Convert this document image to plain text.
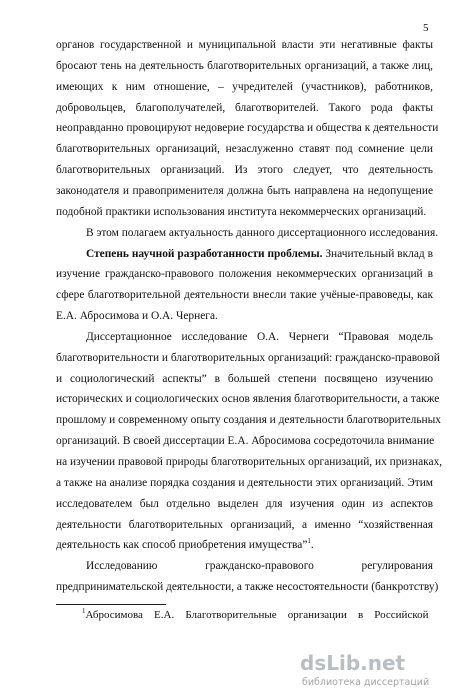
5
органов государственной и муниципальной власти эти негативные факты
бросают тень на деятельность благотворительных организаций, а также лиц,
имеющих к ним отношение, – учредителей (участников), работников,
добровольцев, благополучателей, благотворителей. Такого рода факты
неоправданно провоцируют недоверие государства и общества к деятельности
благотворительных организаций, незаслуженно ставят под сомнение цели
благотворительных организаций. Из этого следует, что деятельность
законодателя и правоприменителя должна быть направлена на недопущение
подобной практики использования института некоммерческих организаций.
В этом полагаем актуальность данного диссертационного исследования.
Степень научной разработанности проблемы. Значительный вклад в
изучение гражданско-правового положения некоммерческих организаций в
сфере благотворительной деятельности внесли такие учёные-правоведы, как
Е.А. Абросимова и О.А. Чернега.
Диссертационное исследование О.А. Чернеги “Правовая модель
благотворительности и благотворительных организаций: гражданско-правовой
и социологический аспекты” в большей степени посвящено изучению
исторических и социологических основ явления благотворительности, а также
прошлому и современному опыту создания и деятельности благотворительных
организаций. В своей диссертации Е.А. Абросимова сосредоточила внимание
на изучении правовой природы благотворительных организаций, их признаках,
а также на анализе порядка создания и деятельности этих организаций. Этим
исследователем был отдельно выделен для изучения один из аспектов
деятельности благотворительных организаций, а именно “хозяйственная
деятельность как способ приобретения имущества”$^1$.
Исследованию гражданско-правового регулирования
предпринимательской деятельности, а также несостоятельности (банкротству)
$^1$Абросимова Е.А. Благотворительные организации в Российской
dsLib.net
библиотека диссертаций
